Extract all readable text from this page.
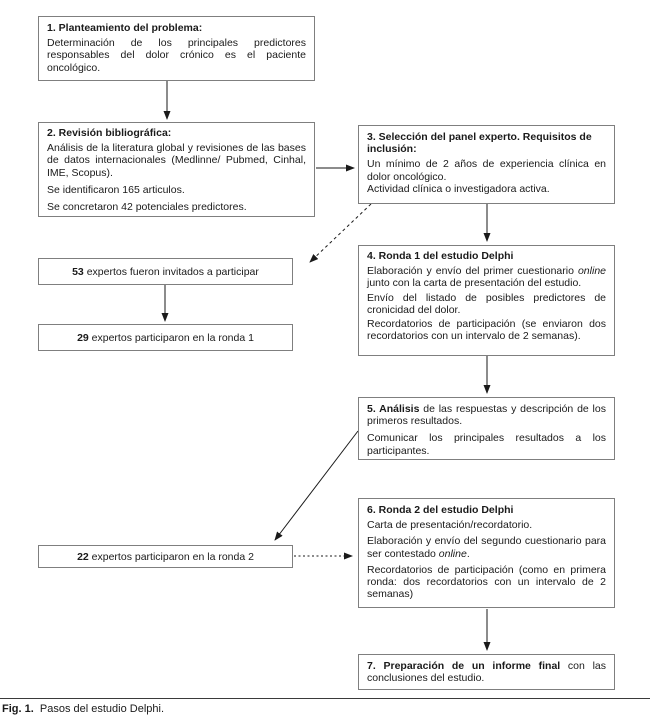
1. Planteamiento del problema:

Determinación de los principales predictores responsables del dolor crónico es el paciente oncológico.

2. Revisión bibliográfica:

Análisis de la literatura global y revisiones de las bases de datos internacionales (Medlinne/ Pubmed, Cinhal, IME, Scopus).

Se identificaron 165 articulos.

Se concretaron 42 potenciales predictores.

3. Selección del panel experto. Requisitos de inclusión:

Un mínimo de 2 años de experiencia clínica en dolor oncológico.

Actividad clínica o investigadora activa.

53 expertos fueron invitados a participar
29 expertos participaron en la ronda 1
4. Ronda 1 del estudio Delphi

Elaboración y envío del primer cuestionario online junto con la carta de presentación del estudio.

Envío del listado de posibles predictores de cronicidad del dolor.

Recordatorios de participación (se enviaron dos recordatorios con un intervalo de 2 semanas).

5. Análisis de las respuestas y descripción de los primeros resultados.

Comunicar los principales resultados a los participantes.

6. Ronda 2 del estudio Delphi

Carta de presentación/recordatorio.

Elaboración y envío del segundo cuestionario para ser contestado online.

Recordatorios de participación (como en primera ronda: dos recordatorios con un intervalo de 2 semanas)

22 expertos participaron en la ronda 2

7. Preparación de un informe final con las conclusiones del estudio.

Fig. 1.  Pasos del estudio Delphi.
